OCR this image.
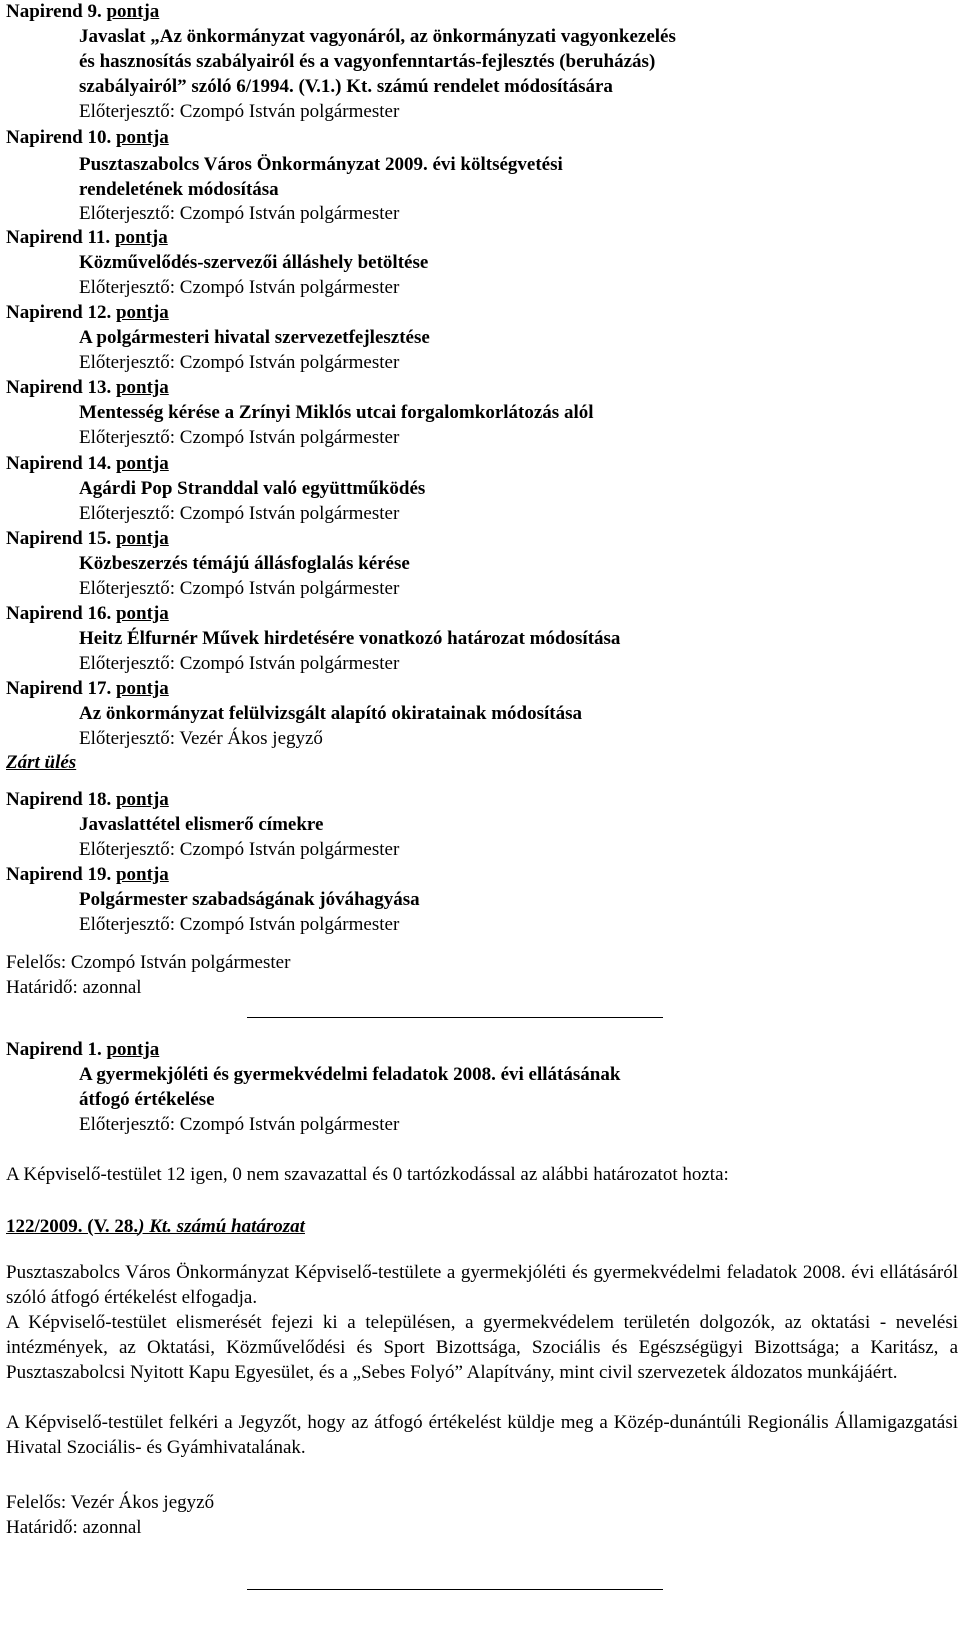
Napirend 9. pontja
Javaslat „Az önkormányzat vagyonáról, az önkormányzati vagyonkezelés
és hasznosítás szabályairól és a vagyonfenntartás-fejlesztés (beruházás)
szabályairól” szóló 6/1994. (V.1.) Kt. számú rendelet módosítására
Előterjesztő: Czompó István polgármester
Napirend 10. pontja
Pusztaszabolcs Város Önkormányzat 2009. évi költségvetési
rendeletének módosítása
Előterjesztő: Czompó István polgármester
Napirend 11. pontja
Közművelődés-szervezői álláshely betöltése
Előterjesztő: Czompó István polgármester
Napirend 12. pontja
A polgármesteri hivatal szervezetfejlesztése
Előterjesztő: Czompó István polgármester
Napirend 13. pontja
Mentesség kérése a Zrínyi Miklós utcai forgalomkorlátozás alól
Előterjesztő: Czompó István polgármester
Napirend 14. pontja
Agárdi Pop Stranddal való együttműködés
Előterjesztő: Czompó István polgármester
Napirend 15. pontja
Közbeszerzés témájú állásfoglalás kérése
Előterjesztő: Czompó István polgármester
Napirend 16. pontja
Heitz Élfurnér Művek hirdetésére vonatkozó határozat módosítása
Előterjesztő: Czompó István polgármester
Napirend 17. pontja
Az önkormányzat felülvizsgált alapító okiratainak módosítása
Előterjesztő: Vezér Ákos jegyző
Zárt ülés
Napirend 18. pontja
Javaslattétel elismerő címekre
Előterjesztő: Czompó István polgármester
Napirend 19. pontja
Polgármester szabadságának jóváhagyása
Előterjesztő: Czompó István polgármester
Felelős: Czompó István polgármester
Határidő: azonnal
Napirend 1. pontja
A gyermekjóléti és gyermekvédelmi feladatok 2008. évi ellátásának
átfogó értékelése
Előterjesztő: Czompó István polgármester
A Képviselő-testület 12 igen, 0 nem szavazattal és 0 tartózkodással az alábbi határozatot hozta:
122/2009. (V. 28.) Kt. számú határozat
Pusztaszabolcs Város Önkormányzat Képviselő-testülete a gyermekjóléti és gyermekvédelmi feladatok 2008. évi ellátásáról szóló átfogó értékelést elfogadja.
A Képviselő-testület elismerését fejezi ki a településen, a gyermekvédelem területén dolgozók, az oktatási - nevelési intézmények, az Oktatási, Közművelődési és Sport Bizottsága, Szociális és Egészségügyi Bizottsága; a Karitász, a Pusztaszabolcsi Nyitott Kapu Egyesület, és a „Sebes Folyó” Alapítvány, mint civil szervezetek áldozatos munkájáért.
A Képviselő-testület felkéri a Jegyzőt, hogy az átfogó értékelést küldje meg a Közép-dunántúli Regionális Államigazgatási Hivatal Szociális- és Gyámhivatalának.
Felelős: Vezér Ákos jegyző
Határidő: azonnal
